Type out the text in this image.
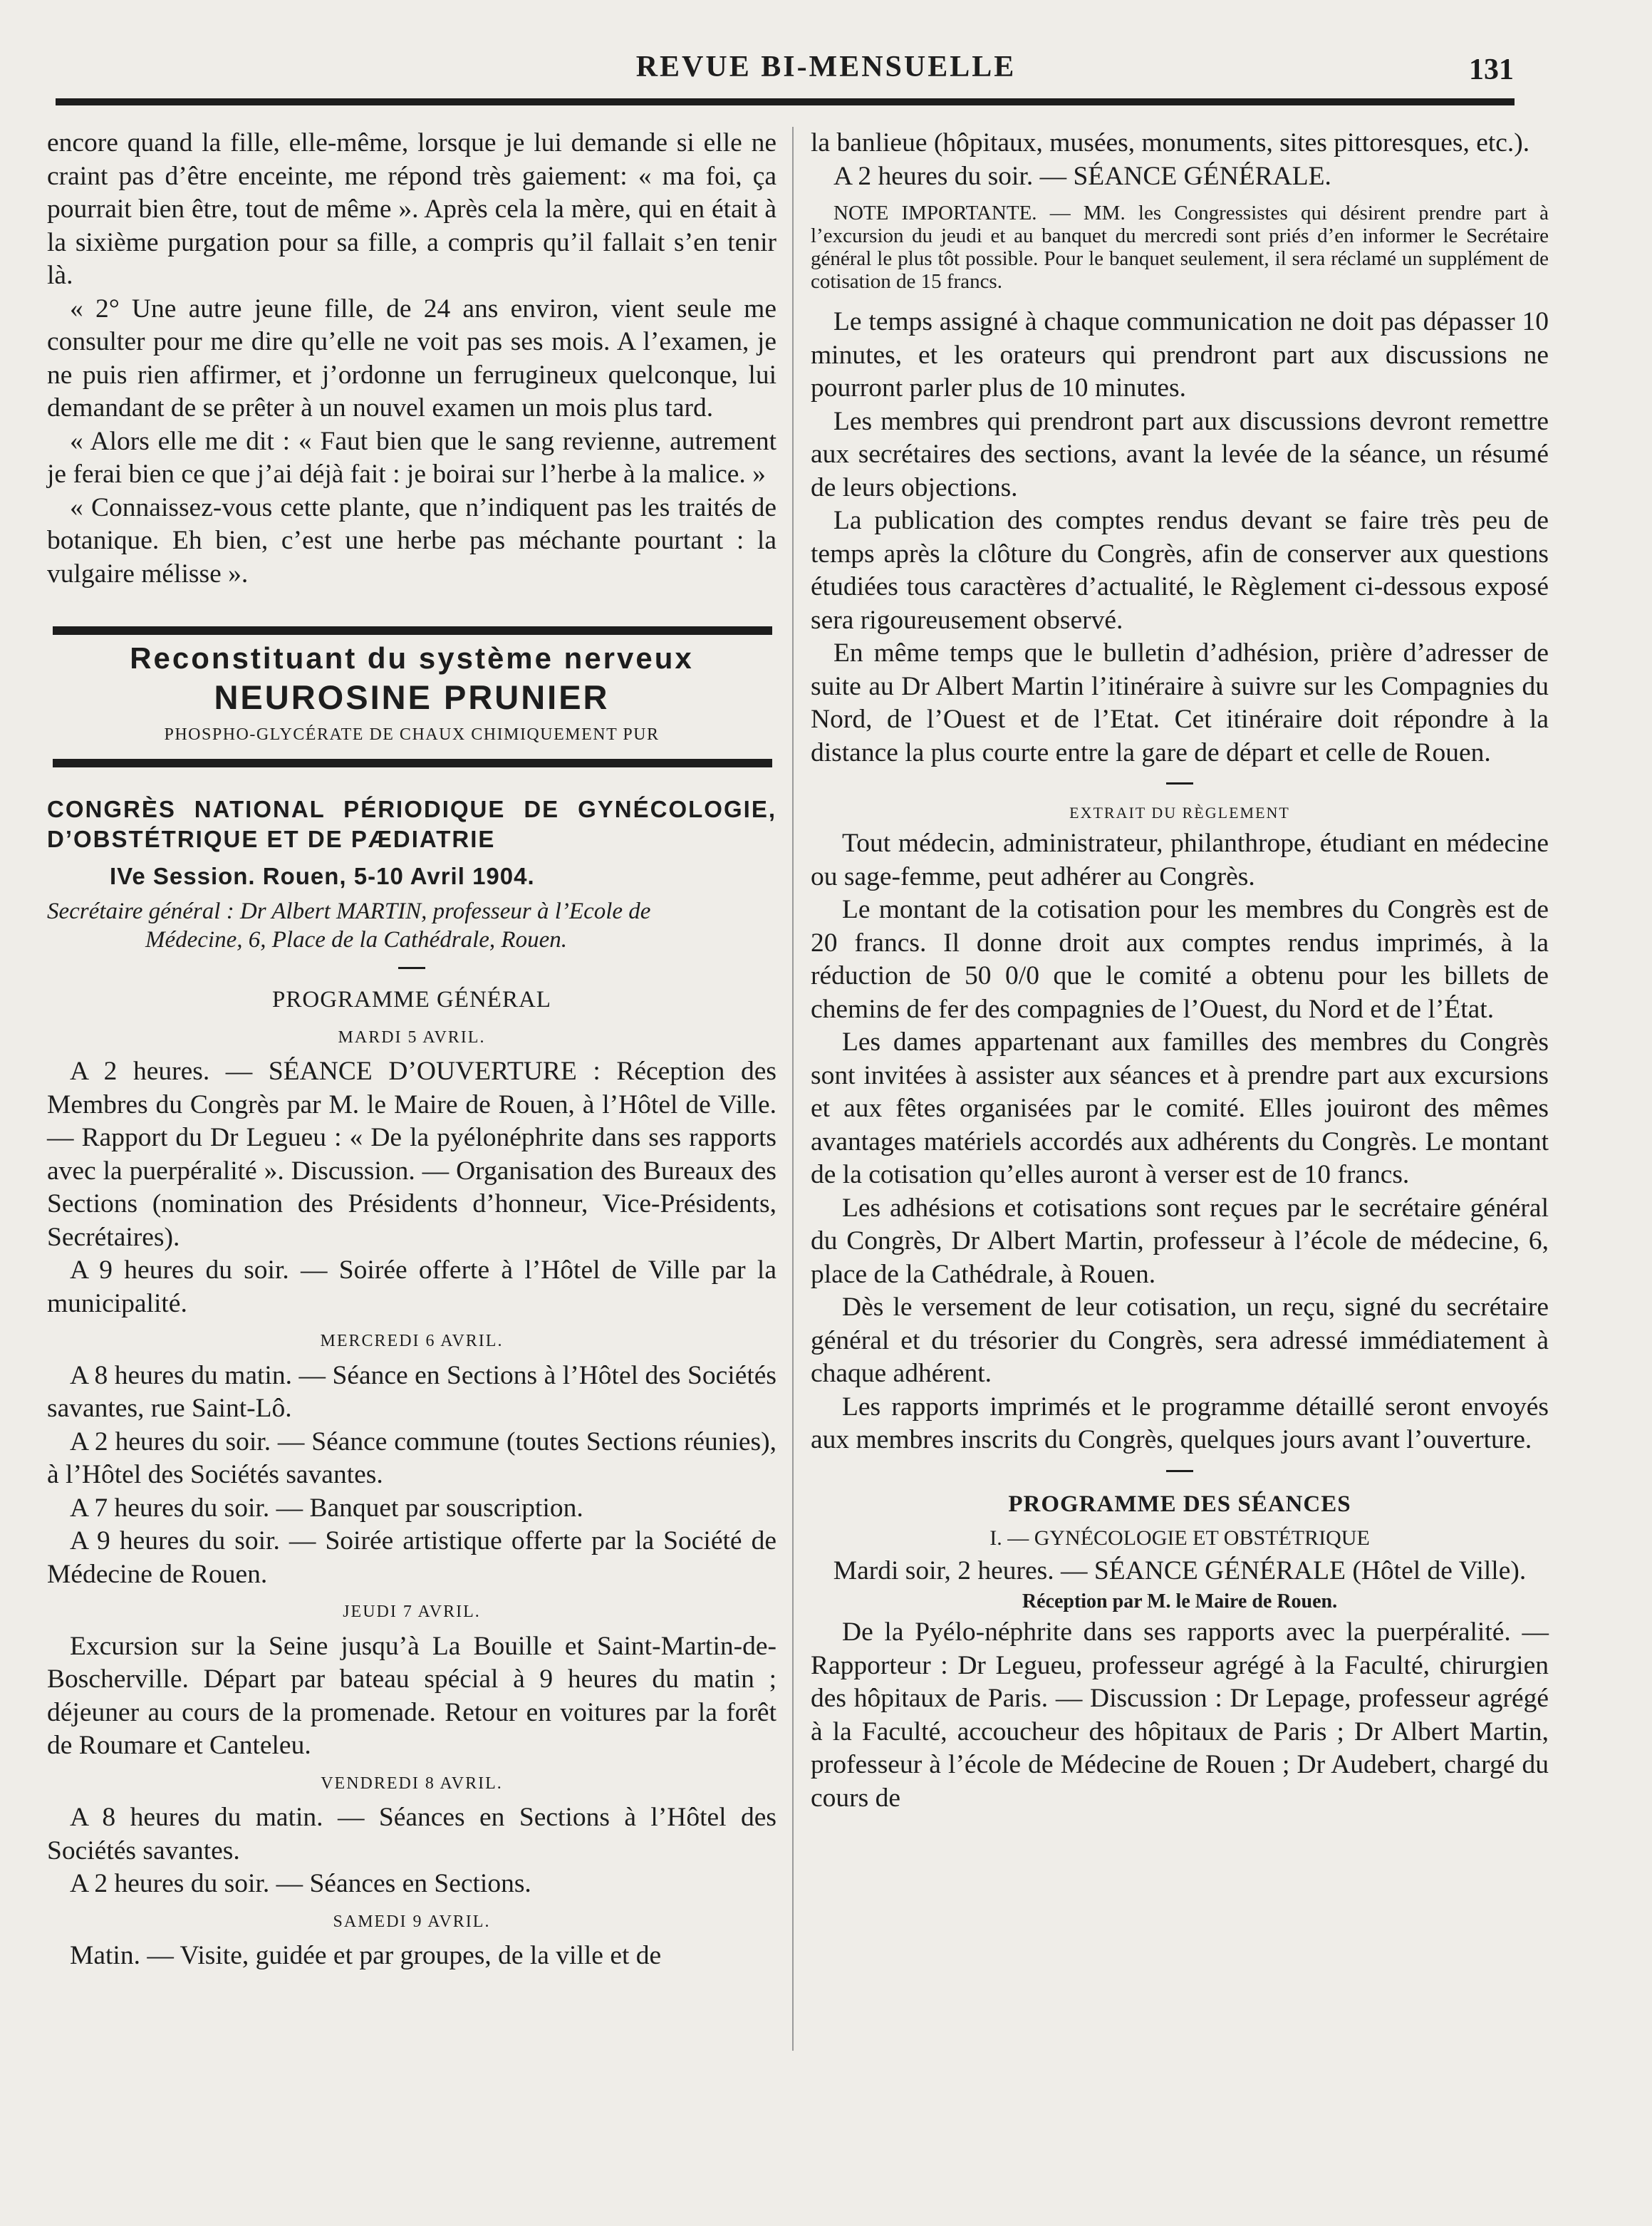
REVUE BI-MENSUELLE	131

encore quand la fille, elle-même, lorsque je lui demande si elle ne craint pas d’être enceinte, me répond très gaiement: « ma foi, ça pourrait bien être, tout de même ». Après cela la mère, qui en était à la sixième purgation pour sa fille, a compris qu’il fallait s’en tenir là.

« 2° Une autre jeune fille, de 24 ans environ, vient seule me consulter pour me dire qu’elle ne voit pas ses mois. A l’examen, je ne puis rien affirmer, et j’ordonne un ferrugineux quelconque, lui demandant de se prêter à un nouvel examen un mois plus tard.

« Alors elle me dit : « Faut bien que le sang revienne, autrement je ferai bien ce que j’ai déjà fait : je boirai sur l’herbe à la malice. »

« Connaissez-vous cette plante, que n’indiquent pas les traités de botanique. Eh bien, c’est une herbe pas méchante pourtant : la vulgaire mélisse ».

Reconstituant du système nerveux
NEUROSINE PRUNIER
PHOSPHO-GLYCÉRATE DE CHAUX CHIMIQUEMENT PUR
CONGRÈS NATIONAL PÉRIODIQUE DE GYNÉCOLOGIE, D’OBSTÉTRIQUE ET DE PÆDIATRIE
IVe Session. Rouen, 5-10 Avril 1904.
Secrétaire général : Dr Albert MARTIN, professeur à l’Ecole de
Médecine, 6, Place de la Cathédrale, Rouen.
PROGRAMME GÉNÉRAL
MARDI 5 AVRIL.

A 2 heures. — SÉANCE D’OUVERTURE : Réception des Membres du Congrès par M. le Maire de Rouen, à l’Hôtel de Ville. — Rapport du Dr Legueu : « De la pyélonéphrite dans ses rapports avec la puerpéralité ». Discussion. — Organisation des Bureaux des Sections (nomination des Présidents d’honneur, Vice-Présidents, Secrétaires).

A 9 heures du soir. — Soirée offerte à l’Hôtel de Ville par la municipalité.

MERCREDI 6 AVRIL.

A 8 heures du matin. — Séance en Sections à l’Hôtel des Sociétés savantes, rue Saint-Lô.

A 2 heures du soir. — Séance commune (toutes Sections réunies), à l’Hôtel des Sociétés savantes.

A 7 heures du soir. — Banquet par souscription.

A 9 heures du soir. — Soirée artistique offerte par la Société de Médecine de Rouen.

JEUDI 7 AVRIL.

Excursion sur la Seine jusqu’à La Bouille et Saint-Martin-de-Boscherville. Départ par bateau spécial à 9 heures du matin ; déjeuner au cours de la promenade. Retour en voitures par la forêt de Roumare et Canteleu.

VENDREDI 8 AVRIL.

A 8 heures du matin. — Séances en Sections à l’Hôtel des Sociétés savantes.

A 2 heures du soir. — Séances en Sections.

SAMEDI 9 AVRIL.

Matin. — Visite, guidée et par groupes, de la ville et de

la banlieue (hôpitaux, musées, monuments, sites pittoresques, etc.).

A 2 heures du soir. — SÉANCE GÉNÉRALE.

NOTE IMPORTANTE. — MM. les Congressistes qui désirent prendre part à l’excursion du jeudi et au banquet du mercredi sont priés d’en informer le Secrétaire général le plus tôt possible. Pour le banquet seulement, il sera réclamé un supplément de cotisation de 15 francs.

Le temps assigné à chaque communication ne doit pas dépasser 10 minutes, et les orateurs qui prendront part aux discussions ne pourront parler plus de 10 minutes.

Les membres qui prendront part aux discussions devront remettre aux secrétaires des sections, avant la levée de la séance, un résumé de leurs objections.

La publication des comptes rendus devant se faire très peu de temps après la clôture du Congrès, afin de conserver aux questions étudiées tous caractères d’actualité, le Règlement ci-dessous exposé sera rigoureusement observé.

En même temps que le bulletin d’adhésion, prière d’adresser de suite au Dr Albert Martin l’itinéraire à suivre sur les Compagnies du Nord, de l’Ouest et de l’Etat. Cet itinéraire doit répondre à la distance la plus courte entre la gare de départ et celle de Rouen.

EXTRAIT DU RÈGLEMENT

Tout médecin, administrateur, philanthrope, étudiant en médecine ou sage-femme, peut adhérer au Congrès.

Le montant de la cotisation pour les membres du Congrès est de 20 francs. Il donne droit aux comptes rendus imprimés, à la réduction de 50 0/0 que le comité a obtenu pour les billets de chemins de fer des compagnies de l’Ouest, du Nord et de l’État.

Les dames appartenant aux familles des membres du Congrès sont invitées à assister aux séances et à prendre part aux excursions et aux fêtes organisées par le comité. Elles jouiront des mêmes avantages matériels accordés aux adhérents du Congrès. Le montant de la cotisation qu’elles auront à verser est de 10 francs.

Les adhésions et cotisations sont reçues par le secrétaire général du Congrès, Dr Albert Martin, professeur à l’école de médecine, 6, place de la Cathédrale, à Rouen.

Dès le versement de leur cotisation, un reçu, signé du secrétaire général et du trésorier du Congrès, sera adressé immédiatement à chaque adhérent.

Les rapports imprimés et le programme détaillé seront envoyés aux membres inscrits du Congrès, quelques jours avant l’ouverture.

PROGRAMME DES SÉANCES
I. — GYNÉCOLOGIE ET OBSTÉTRIQUE
Mardi soir, 2 heures. — SÉANCE GÉNÉRALE (Hôtel de Ville).
Réception par M. le Maire de Rouen.

De la Pyélo-néphrite dans ses rapports avec la puerpéralité. — Rapporteur : Dr Legueu, professeur agrégé à la Faculté, chirurgien des hôpitaux de Paris. — Discussion : Dr Lepage, professeur agrégé à la Faculté, accoucheur des hôpitaux de Paris ; Dr Albert Martin, professeur à l’école de Médecine de Rouen ; Dr Audebert, chargé du cours de
